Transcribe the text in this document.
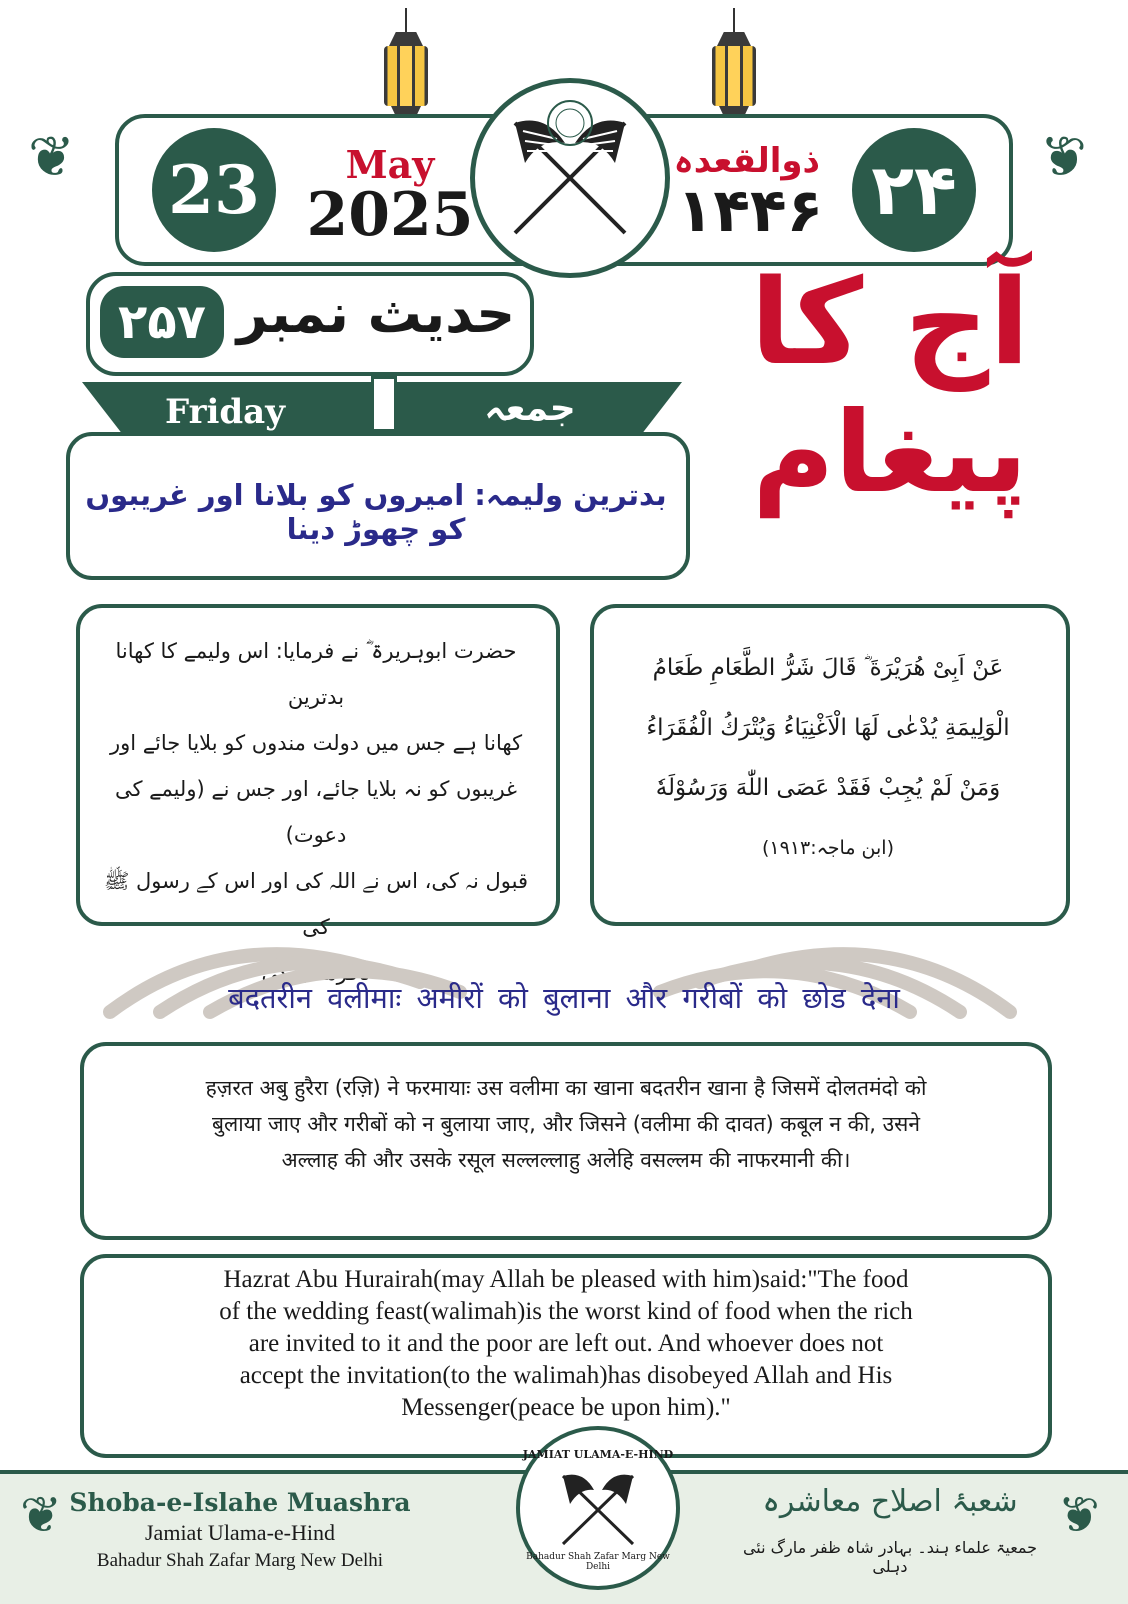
❦	❦
23 May
2025
ذوالقعدہ
۱۴۴۶ ۲۴
۲۵۷ حدیث نمبر	آج کا
پیغام
Friday	جمعہ
بدترین ولیمہ: امیروں کو بلانا اور غریبوں کو چھوڑ دینا
حضرت ابوہریرۃ ؓ نے فرمایا: اس ولیمے کا کھانا بدترین
کھانا ہے جس میں دولت مندوں کو بلایا جائے اور
غریبوں کو نہ بلایا جائے، اور جس نے (ولیمے کی دعوت)
قبول نہ کی، اس نے اللہ کی اور اس کے رسول ﷺ کی
نافرمانی کی
عَنْ اَبِیْ هُرَيْرَةَ ؓ قَالَ شَرُّ الطَّعَامِ طَعَامُ
الْوَلِيمَةِ يُدْعٰى لَهَا الْاَغْنِيَاءُ وَيُتْرَكُ الْفُقَرَاءُ
وَمَنْ لَمْ يُجِبْ فَقَدْ عَصَى اللّٰهَ وَرَسُوْلَهٗ
(ابن ماجہ:۱۹۱۳)
बदतरीन वलीमाः अमीरों को बुलाना और गरीबों को छोड देना
हज़रत अबु हुरैरा (रज़ि) ने फरमायाः उस वलीमा का खाना बदतरीन खाना है जिसमें दोलतमंदो को
बुलाया जाए और गरीबों को न बुलाया जाए, और जिसने (वलीमा की दावत) कबूल न की, उसने
अल्लाह की और उसके रसूल सल्लल्लाहु अलेहि वसल्लम की नाफरमानी की।
Hazrat Abu Hurairah(may Allah be pleased with him)said:"The food
of the wedding feast(walimah)is the worst kind of food when the rich
are invited to it and the poor are left out. And whoever does not
accept the invitation(to the walimah)has disobeyed Allah and His
Messenger(peace be upon him)."
❦ Shoba-e-Islahe Muashra
Jamiat Ulama-e-Hind
Bahadur Shah Zafar Marg New Delhi
JAMIAT ULAMA-E-HIND
Bahadur Shah Zafar Marg New Delhi
شعبۂ اصلاح معاشرہ
جمعیۃ علماء ہند۔ بہادر شاہ ظفر مارگ نئی دہلی
❦
